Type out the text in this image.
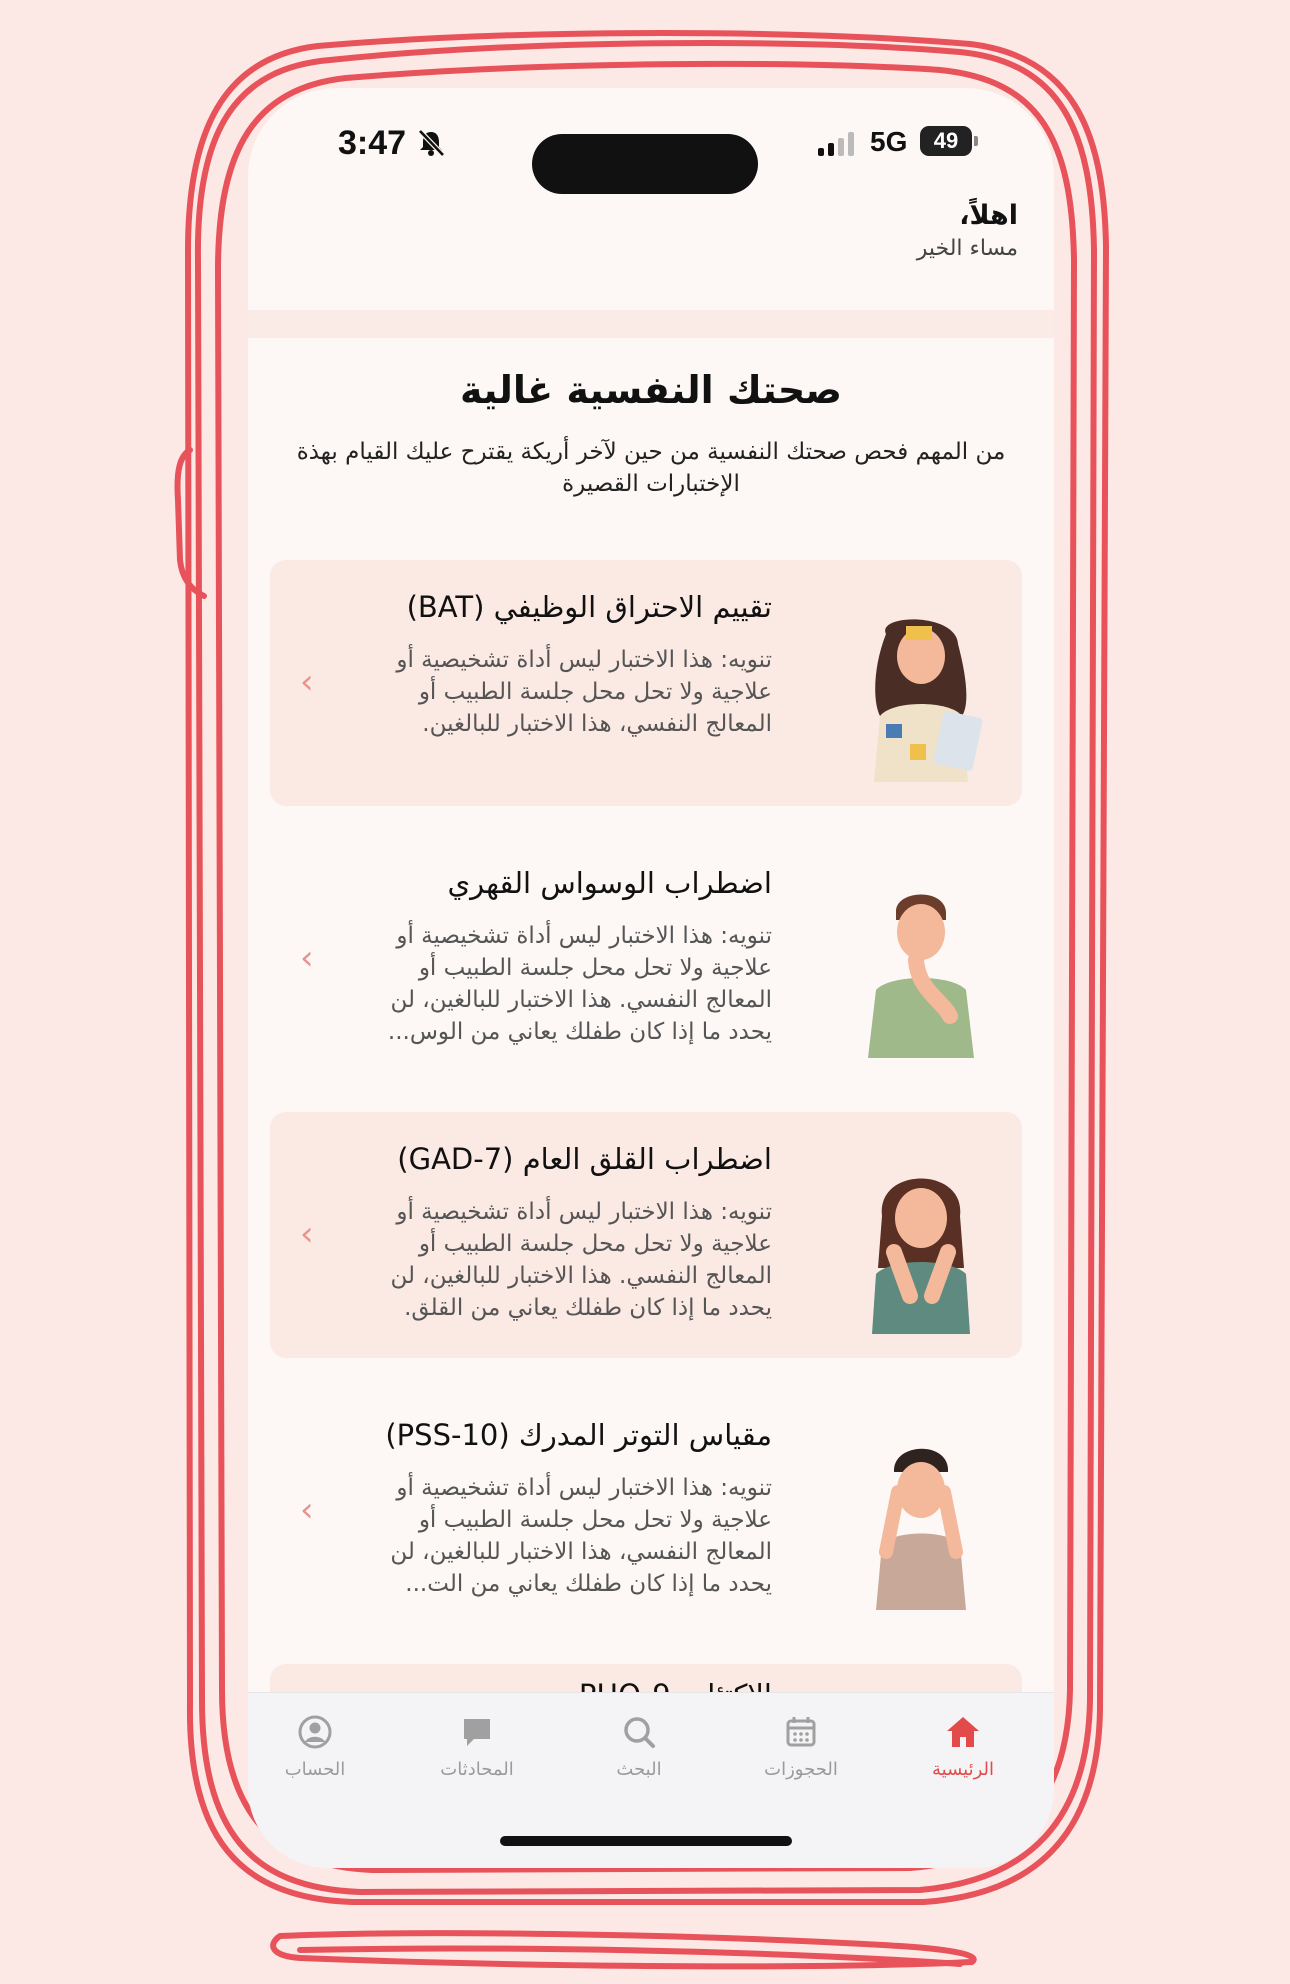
3:47	5G	49
اهلاً،
مساء الخير
صحتك النفسية غالية
من المهم فحص صحتك النفسية من حين لآخر أريكة يقترح عليك القيام بهذة الإختبارات القصيرة
تقييم الاحتراق الوظيفي (BAT)
تنويه: هذا الاختبار ليس أداة تشخيصية أو علاجية ولا تحل محل جلسة الطبيب أو المعالج النفسي، هذا الاختبار للبالغين.
‹
اضطراب الوسواس القهري
تنويه: هذا الاختبار ليس أداة تشخيصية أو علاجية ولا تحل محل جلسة الطبيب أو المعالج النفسي. هذا الاختبار للبالغين، لن يحدد ما إذا كان طفلك يعاني من الوس...
‹
اضطراب القلق العام (GAD-7)
تنويه: هذا الاختبار ليس أداة تشخيصية أو علاجية ولا تحل محل جلسة الطبيب أو المعالج النفسي. هذا الاختبار للبالغين، لن يحدد ما إذا كان طفلك يعاني من القلق.
‹
مقياس التوتر المدرك (PSS-10)
تنويه: هذا الاختبار ليس أداة تشخيصية أو علاجية ولا تحل محل جلسة الطبيب أو المعالج النفسي، هذا الاختبار للبالغين، لن يحدد ما إذا كان طفلك يعاني من الت...
‹
الرئيسية
الحجوزات
البحث
المحادثات
الحساب
